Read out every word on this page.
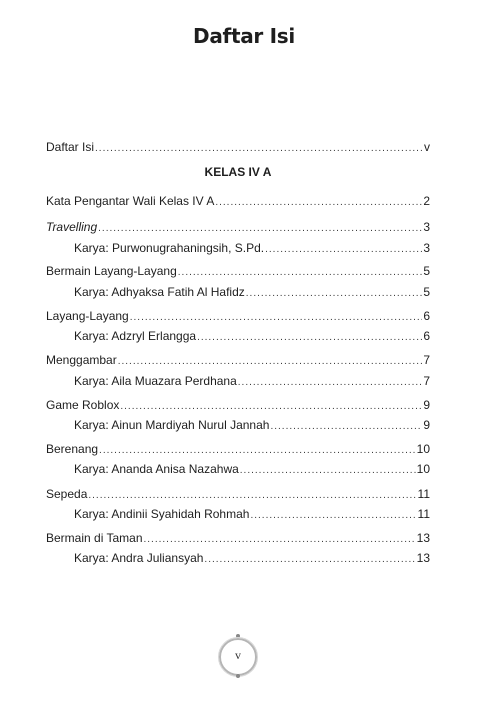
Daftar Isi
Daftar Isi .....	v
KELAS IV A
Kata Pengantar Wali Kelas IV A .....	2
Travelling .....	3
Karya: Purwonugrahaningsih, S.Pd. .....	3
Bermain Layang-Layang .....	5
Karya: Adhyaksa Fatih Al Hafidz .....	5
Layang-Layang .....	6
Karya: Adzryl Erlangga .....	6
Menggambar .....	7
Karya: Aila Muazara Perdhana .....	7
Game Roblox .....	9
Karya: Ainun Mardiyah Nurul Jannah .....	9
Berenang .....	10
Karya: Ananda Anisa Nazahwa .....	10
Sepeda .....	11
Karya: Andinii Syahidah Rohmah .....	11
Bermain di Taman .....	13
Karya: Andra Juliansyah .....	13
v
